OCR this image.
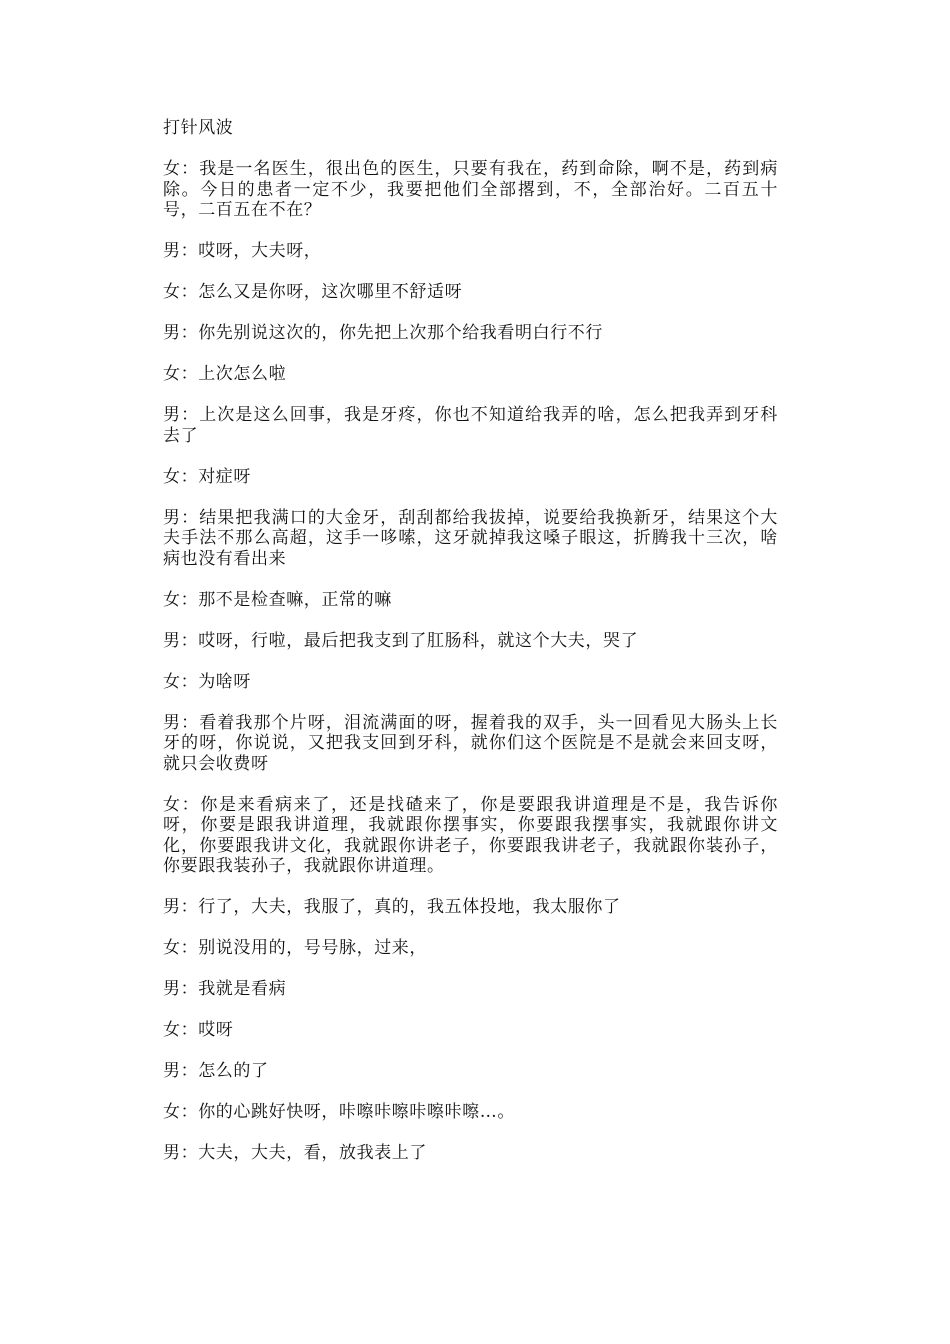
打针风波

女：我是一名医生，很出色的医生，只要有我在，药到命除，啊不是，药到病除。今日的患者一定不少，我要把他们全部撂到，不，全部治好。二百五十号，二百五在不在？

男：哎呀，大夫呀，

女：怎么又是你呀，这次哪里不舒适呀

男：你先别说这次的，你先把上次那个给我看明白行不行

女：上次怎么啦

男：上次是这么回事，我是牙疼，你也不知道给我弄的啥，怎么把我弄到牙科去了

女：对症呀

男：结果把我满口的大金牙，刮刮都给我拔掉，说要给我换新牙，结果这个大夫手法不那么高超，这手一哆嗦，这牙就掉我这嗓子眼这，折腾我十三次，啥病也没有看出来

女：那不是检查嘛，正常的嘛

男：哎呀，行啦，最后把我支到了肛肠科，就这个大夫，哭了

女：为啥呀

男：看着我那个片呀，泪流满面的呀，握着我的双手，头一回看见大肠头上长牙的呀，你说说，又把我支回到牙科，就你们这个医院是不是就会来回支呀，就只会收费呀

女：你是来看病来了，还是找碴来了，你是要跟我讲道理是不是，我告诉你呀，你要是跟我讲道理，我就跟你摆事实，你要跟我摆事实，我就跟你讲文化，你要跟我讲文化，我就跟你讲老子，你要跟我讲老子，我就跟你装孙子，你要跟我装孙子，我就跟你讲道理。

男：行了，大夫，我服了，真的，我五体投地，我太服你了

女：别说没用的，号号脉，过来，

男：我就是看病

女：哎呀

男：怎么的了

女：你的心跳好快呀，咔嚓咔嚓咔嚓咔嚓…。

男：大夫，大夫，看，放我表上了
